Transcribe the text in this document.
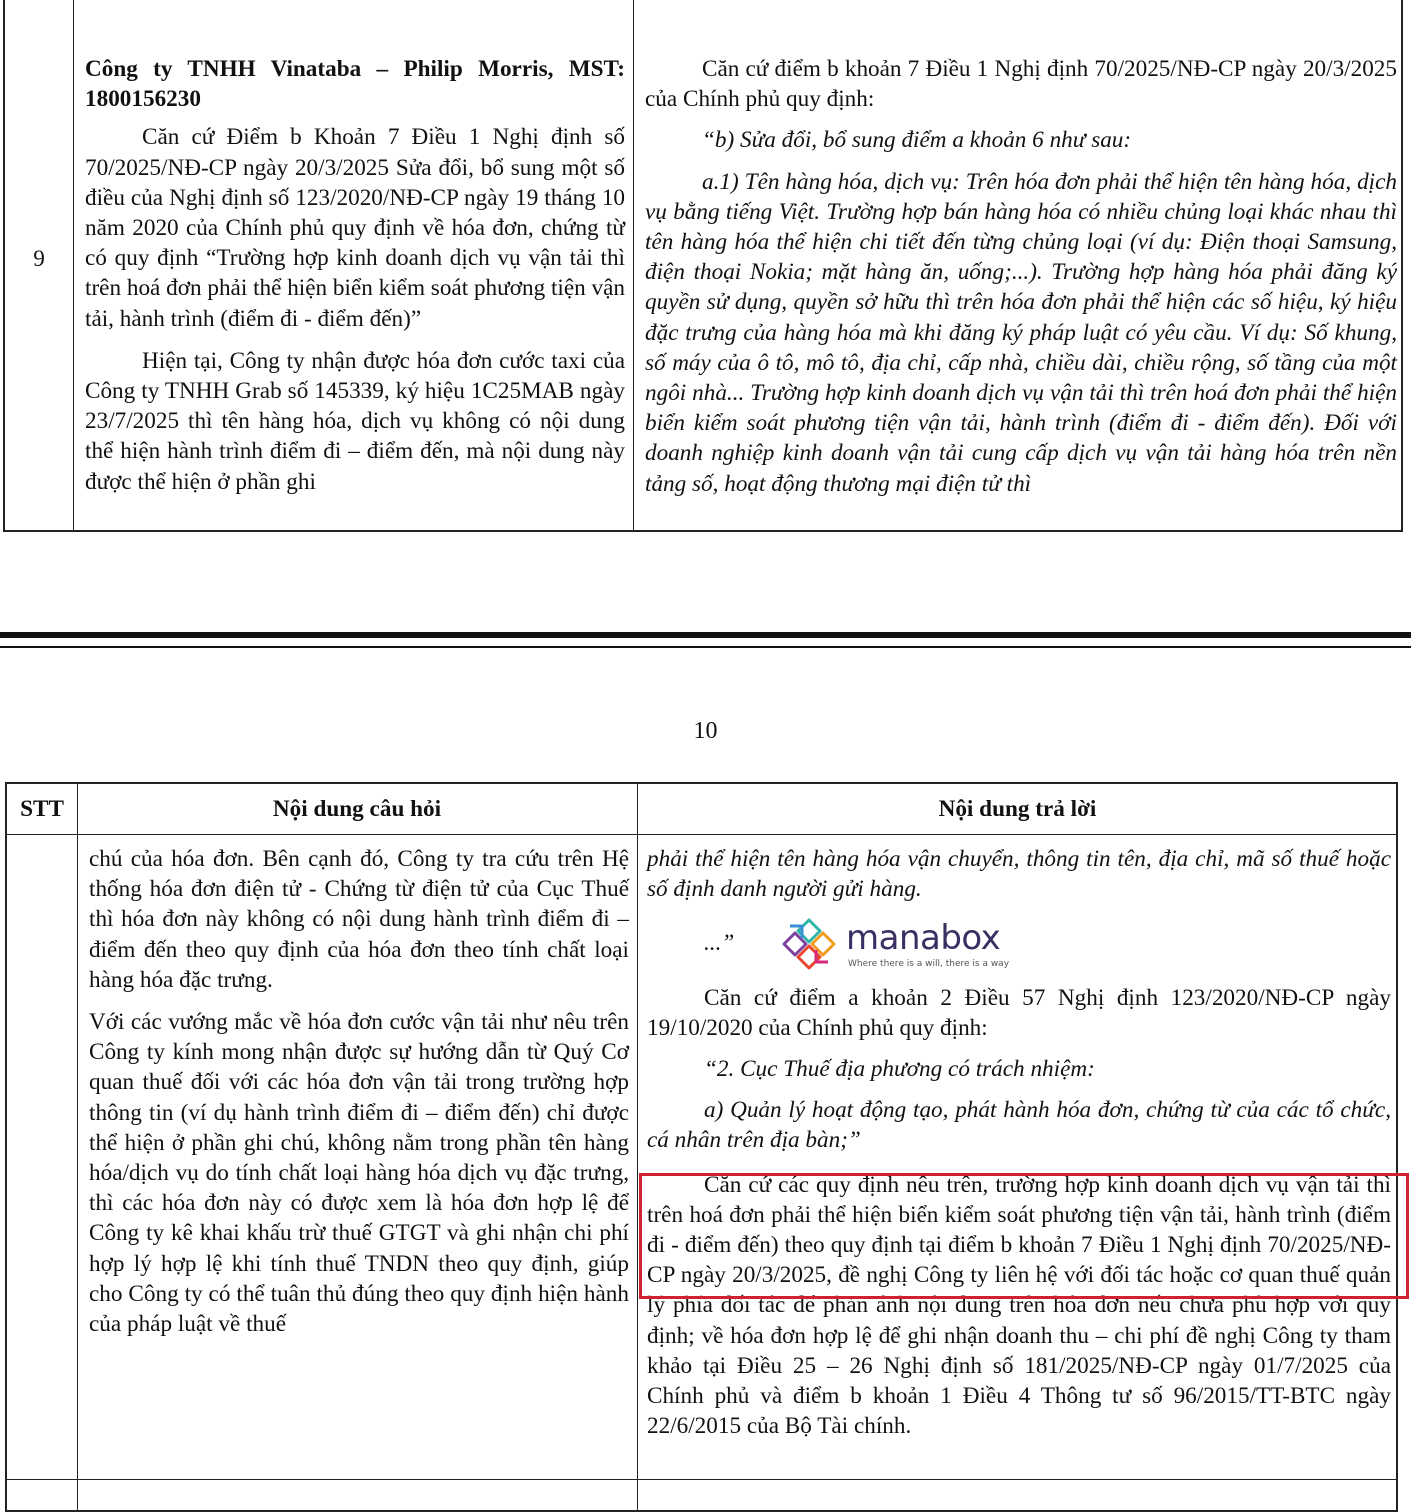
9

Công ty TNHH Vinataba – Philip Morris, MST: 1800156230

Căn cứ Điểm b Khoản 7 Điều 1 Nghị định số 70/2025/NĐ-CP ngày 20/3/2025 Sửa đổi, bổ sung một số điều của Nghị định số 123/2020/NĐ-CP ngày 19 tháng 10 năm 2020 của Chính phủ quy định về hóa đơn, chứng từ có quy định “Trường hợp kinh doanh dịch vụ vận tải thì trên hoá đơn phải thể hiện biển kiểm soát phương tiện vận tải, hành trình (điểm đi - điểm đến)”

Hiện tại, Công ty nhận được hóa đơn cước taxi của Công ty TNHH Grab số 145339, ký hiệu 1C25MAB ngày 23/7/2025 thì tên hàng hóa, dịch vụ không có nội dung thể hiện hành trình điểm đi – điểm đến, mà nội dung này được thể hiện ở phần ghi

Căn cứ điểm b khoản 7 Điều 1 Nghị định 70/2025/NĐ-CP ngày 20/3/2025 của Chính phủ quy định:

“b) Sửa đổi, bổ sung điểm a khoản 6 như sau:

a.1) Tên hàng hóa, dịch vụ: Trên hóa đơn phải thể hiện tên hàng hóa, dịch vụ bằng tiếng Việt. Trường hợp bán hàng hóa có nhiều chủng loại khác nhau thì tên hàng hóa thể hiện chi tiết đến từng chủng loại (ví dụ: Điện thoại Samsung, điện thoại Nokia; mặt hàng ăn, uống;...). Trường hợp hàng hóa phải đăng ký quyền sử dụng, quyền sở hữu thì trên hóa đơn phải thể hiện các số hiệu, ký hiệu đặc trưng của hàng hóa mà khi đăng ký pháp luật có yêu cầu. Ví dụ: Số khung, số máy của ô tô, mô tô, địa chỉ, cấp nhà, chiều dài, chiều rộng, số tầng của một ngôi nhà... Trường hợp kinh doanh dịch vụ vận tải thì trên hoá đơn phải thể hiện biển kiểm soát phương tiện vận tải, hành trình (điểm đi - điểm đến). Đối với doanh nghiệp kinh doanh vận tải cung cấp dịch vụ vận tải hàng hóa trên nền tảng số, hoạt động thương mại điện tử thì

10
STT	Nội dung câu hỏi	Nội dung trả lời

chú của hóa đơn. Bên cạnh đó, Công ty tra cứu trên Hệ thống hóa đơn điện tử - Chứng từ điện tử của Cục Thuế thì hóa đơn này không có nội dung hành trình điểm đi – điểm đến theo quy định của hóa đơn theo tính chất loại hàng hóa đặc trưng.

Với các vướng mắc về hóa đơn cước vận tải như nêu trên Công ty kính mong nhận được sự hướng dẫn từ Quý Cơ quan thuế đối với các hóa đơn vận tải trong trường hợp thông tin (ví dụ hành trình điểm đi – điểm đến) chỉ được thể hiện ở phần ghi chú, không nằm trong phần tên hàng hóa/dịch vụ do tính chất loại hàng hóa dịch vụ đặc trưng, thì các hóa đơn này có được xem là hóa đơn hợp lệ để Công ty kê khai khấu trừ thuế GTGT và ghi nhận chi phí hợp lý hợp lệ khi tính thuế TNDN theo quy định, giúp cho Công ty có thể tuân thủ đúng theo quy định hiện hành của pháp luật về thuế

phải thể hiện tên hàng hóa vận chuyển, thông tin tên, địa chỉ, mã số thuế hoặc số định danh người gửi hàng.

...”

Căn cứ điểm a khoản 2 Điều 57 Nghị định 123/2020/NĐ-CP ngày 19/10/2020 của Chính phủ quy định:

“2. Cục Thuế địa phương có trách nhiệm:

a) Quản lý hoạt động tạo, phát hành hóa đơn, chứng từ của các tổ chức, cá nhân trên địa bàn;”

Căn cứ các quy định nêu trên, trường hợp kinh doanh dịch vụ vận tải thì trên hoá đơn phải thể hiện biển kiểm soát phương tiện vận tải, hành trình (điểm đi - điểm đến) theo quy định tại điểm b khoản 7 Điều 1 Nghị định 70/2025/NĐ-CP ngày 20/3/2025, đề nghị Công ty liên hệ với đối tác hoặc cơ quan thuế quản lý phía đối tác để phản ánh nội dung trên hóa đơn nếu chưa phù hợp với quy định; về hóa đơn hợp lệ để ghi nhận doanh thu – chi phí đề nghị Công ty tham khảo tại Điều 25 – 26 Nghị định số 181/2025/NĐ-CP ngày 01/7/2025 của Chính phủ và điểm b khoản 1 Điều 4 Thông tư số 96/2015/TT-BTC ngày 22/6/2015 của Bộ Tài chính.

manabox
Where there is a will, there is a way
